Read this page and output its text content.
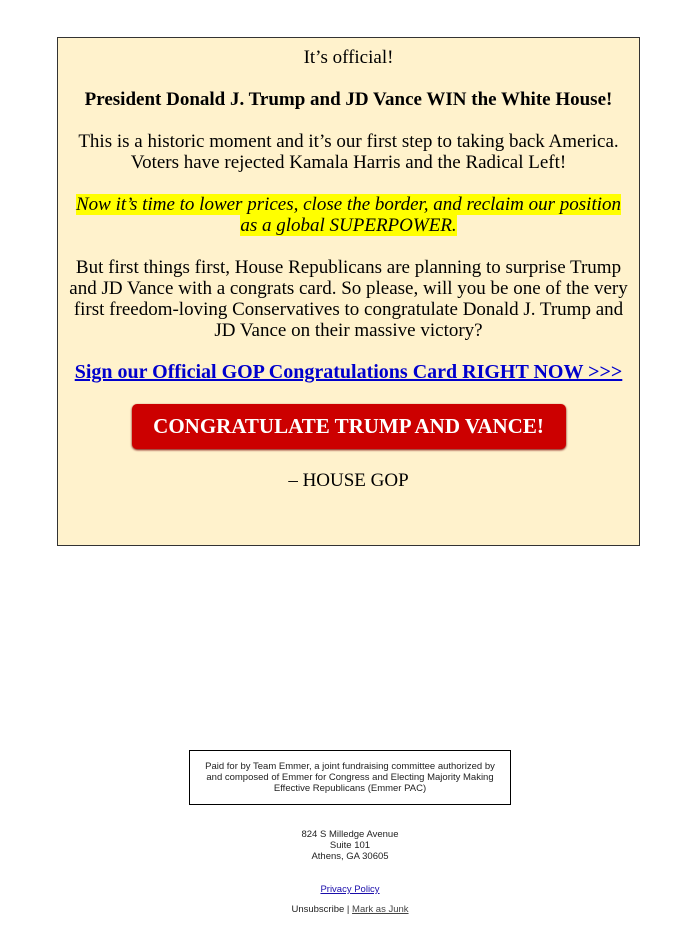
It’s official!

President Donald J. Trump and JD Vance WIN the White House!

This is a historic moment and it’s our first step to taking back America. Voters have rejected Kamala Harris and the Radical Left!

Now it’s time to lower prices, close the border, and reclaim our position as a global SUPERPOWER.

But first things first, House Republicans are planning to surprise Trump and JD Vance with a congrats card. So please, will you be one of the very first freedom-loving Conservatives to congratulate Donald J. Trump and JD Vance on their massive victory?

Sign our Official GOP Congratulations Card RIGHT NOW >>>

CONGRATULATE TRUMP AND VANCE!

– HOUSE GOP

Paid for by Team Emmer, a joint fundraising committee authorized by and composed of Emmer for Congress and Electing Majority Making Effective Republicans (Emmer PAC)
824 S Milledge Avenue
Suite 101
Athens, GA 30605
Privacy Policy
Unsubscribe | Mark as Junk
